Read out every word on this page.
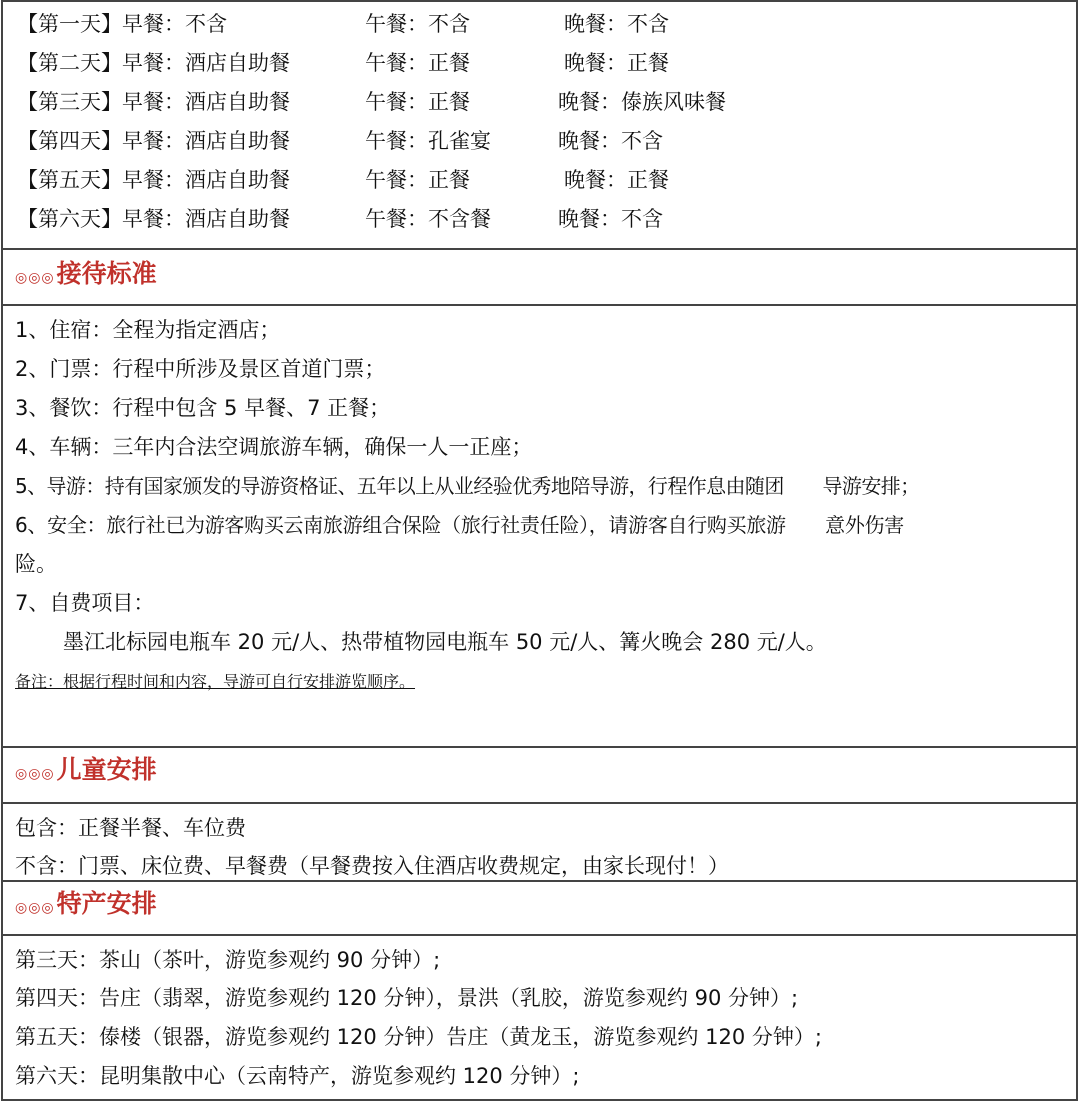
【第一天】早餐：不含	午餐：不含	晚餐：不含
【第二天】早餐：酒店自助餐	午餐：正餐	晚餐：正餐
【第三天】早餐：酒店自助餐	午餐：正餐	晚餐：傣族风味餐
【第四天】早餐：酒店自助餐	午餐：孔雀宴	晚餐：不含
【第五天】早餐：酒店自助餐	午餐：正餐	晚餐：正餐
【第六天】早餐：酒店自助餐	午餐：不含餐	晚餐：不含
◎◎◎ 接待标准
1、住宿：全程为指定酒店；
2、门票：行程中所涉及景区首道门票；
3、餐饮：行程中包含 5 早餐、7 正餐；
4、车辆：三年内合法空调旅游车辆，确保一人一正座；
5、导游：持有国家颁发的导游资格证、五年以上从业经验优秀地陪导游，行程作息由随团　　导游安排；
6、安全：旅行社已为游客购买云南旅游组合保险（旅行社责任险），请游客自行购买旅游　　意外伤害
险。
7、自费项目：
墨江北标园电瓶车 20 元/人、热带植物园电瓶车 50 元/人、篝火晚会 280 元/人。
备注：根据行程时间和内容，导游可自行安排游览顺序。
◎◎◎ 儿童安排
包含：正餐半餐、车位费
不含：门票、床位费、早餐费（早餐费按入住酒店收费规定，由家长现付！）
◎◎◎ 特产安排
第三天：茶山（茶叶，游览参观约 90 分钟）;
第四天：告庄（翡翠，游览参观约 120 分钟），景洪（乳胶，游览参观约 90 分钟）;
第五天：傣楼（银器，游览参观约 120 分钟）告庄（黄龙玉，游览参观约 120 分钟）;
第六天：昆明集散中心（云南特产，游览参观约 120 分钟）;
